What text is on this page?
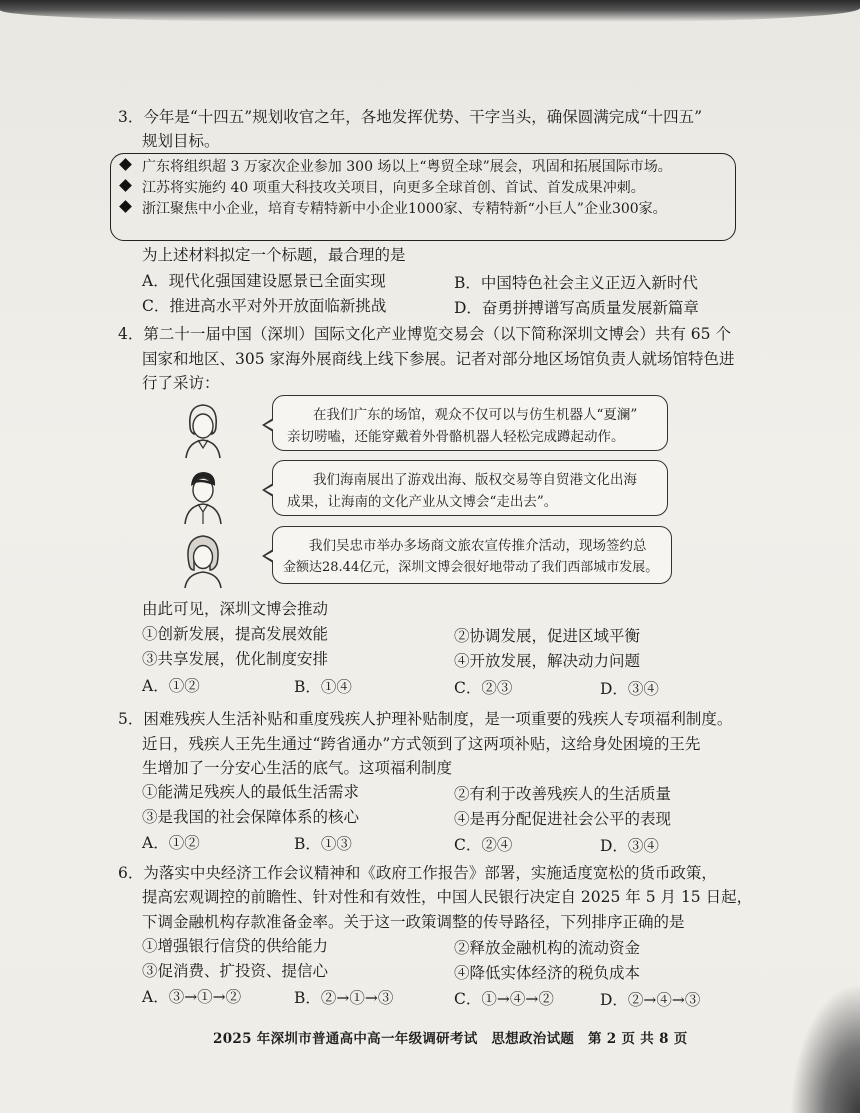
3．今年是“十四五”规划收官之年，各地发挥优势、干字当头，确保圆满完成“十四五”
规划目标。
广东将组织超 3 万家次企业参加 300 场以上“粤贸全球”展会，巩固和拓展国际市场。
江苏将实施约 40 项重大科技攻关项目，向更多全球首创、首试、首发成果冲刺。
浙江聚焦中小企业，培育专精特新中小企业1000家、专精特新“小巨人”企业300家。
为上述材料拟定一个标题，最合理的是
A．现代化强国建设愿景已全面实现	B．中国特色社会主义正迈入新时代
C．推进高水平对外开放面临新挑战	D．奋勇拼搏谱写高质量发展新篇章
4．第二十一届中国（深圳）国际文化产业博览交易会（以下简称深圳文博会）共有 65 个
国家和地区、305 家海外展商线上线下参展。记者对部分地区场馆负责人就场馆特色进
行了采访：
在我们广东的场馆，观众不仅可以与仿生机器人“夏澜”
亲切唠嗑，还能穿戴着外骨骼机器人轻松完成蹲起动作。
我们海南展出了游戏出海、版权交易等自贸港文化出海
成果，让海南的文化产业从文博会“走出去”。
我们吴忠市举办多场商文旅农宣传推介活动，现场签约总
金额达28.44亿元，深圳文博会很好地带动了我们西部城市发展。
由此可见，深圳文博会推动
①创新发展，提高发展效能	②协调发展，促进区域平衡
③共享发展，优化制度安排	④开放发展，解决动力问题
A．①②	B．①④	C．②③	D．③④
5．困难残疾人生活补贴和重度残疾人护理补贴制度，是一项重要的残疾人专项福利制度。
近日，残疾人王先生通过“跨省通办”方式领到了这两项补贴，这给身处困境的王先
生增加了一分安心生活的底气。这项福利制度
①能满足残疾人的最低生活需求	②有利于改善残疾人的生活质量
③是我国的社会保障体系的核心	④是再分配促进社会公平的表现
A．①②	B．①③	C．②④	D．③④
6．为落实中央经济工作会议精神和《政府工作报告》部署，实施适度宽松的货币政策，
提高宏观调控的前瞻性、针对性和有效性，中国人民银行决定自 2025 年 5 月 15 日起，
下调金融机构存款准备金率。关于这一政策调整的传导路径，下列排序正确的是
①增强银行信贷的供给能力	②释放金融机构的流动资金
③促消费、扩投资、提信心	④降低实体经济的税负成本
A．③→①→②	B．②→①→③	C．①→④→②	D．②→④→③
2025 年深圳市普通高中高一年级调研考试　思想政治试题　第 2 页 共 8 页
